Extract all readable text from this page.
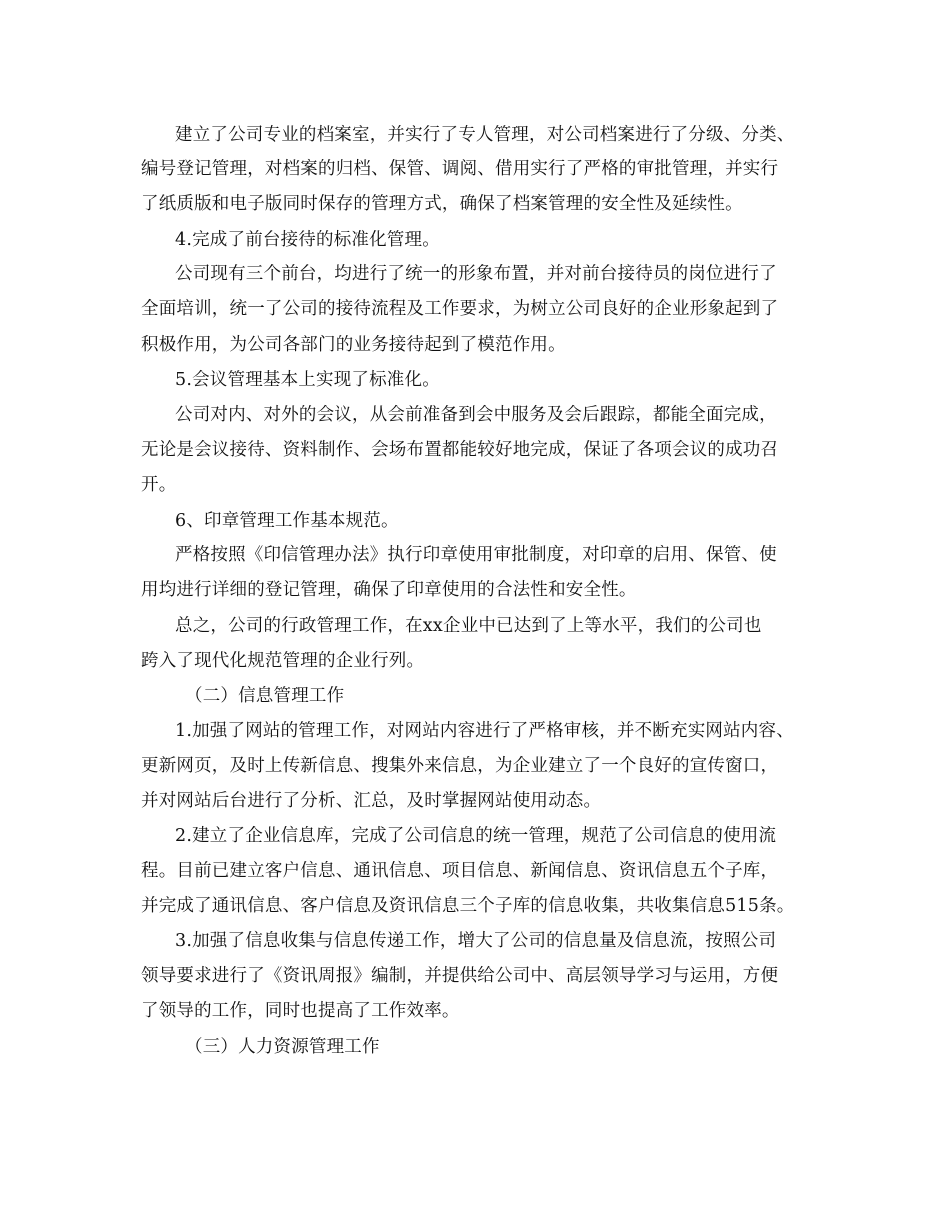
建立了公司专业的档案室，并实行了专人管理，对公司档案进行了分级、分类、
编号登记管理，对档案的归档、保管、调阅、借用实行了严格的审批管理，并实行
了纸质版和电子版同时保存的管理方式，确保了档案管理的安全性及延续性。
4.完成了前台接待的标准化管理。
公司现有三个前台，均进行了统一的形象布置，并对前台接待员的岗位进行了
全面培训，统一了公司的接待流程及工作要求，为树立公司良好的企业形象起到了
积极作用，为公司各部门的业务接待起到了模范作用。
5.会议管理基本上实现了标准化。
公司对内、对外的会议，从会前准备到会中服务及会后跟踪，都能全面完成，
无论是会议接待、资料制作、会场布置都能较好地完成，保证了各项会议的成功召
开。
6、印章管理工作基本规范。
严格按照《印信管理办法》执行印章使用审批制度，对印章的启用、保管、使
用均进行详细的登记管理，确保了印章使用的合法性和安全性。
总之，公司的行政管理工作，在xx企业中已达到了上等水平，我们的公司也
跨入了现代化规范管理的企业行列。
（二）信息管理工作
1.加强了网站的管理工作，对网站内容进行了严格审核，并不断充实网站内容、
更新网页，及时上传新信息、搜集外来信息，为企业建立了一个良好的宣传窗口，
并对网站后台进行了分析、汇总，及时掌握网站使用动态。
2.建立了企业信息库，完成了公司信息的统一管理，规范了公司信息的使用流
程。目前已建立客户信息、通讯信息、项目信息、新闻信息、资讯信息五个子库，
并完成了通讯信息、客户信息及资讯信息三个子库的信息收集，共收集信息515条。
3.加强了信息收集与信息传递工作，增大了公司的信息量及信息流，按照公司
领导要求进行了《资讯周报》编制，并提供给公司中、高层领导学习与运用，方便
了领导的工作，同时也提高了工作效率。
（三）人力资源管理工作
